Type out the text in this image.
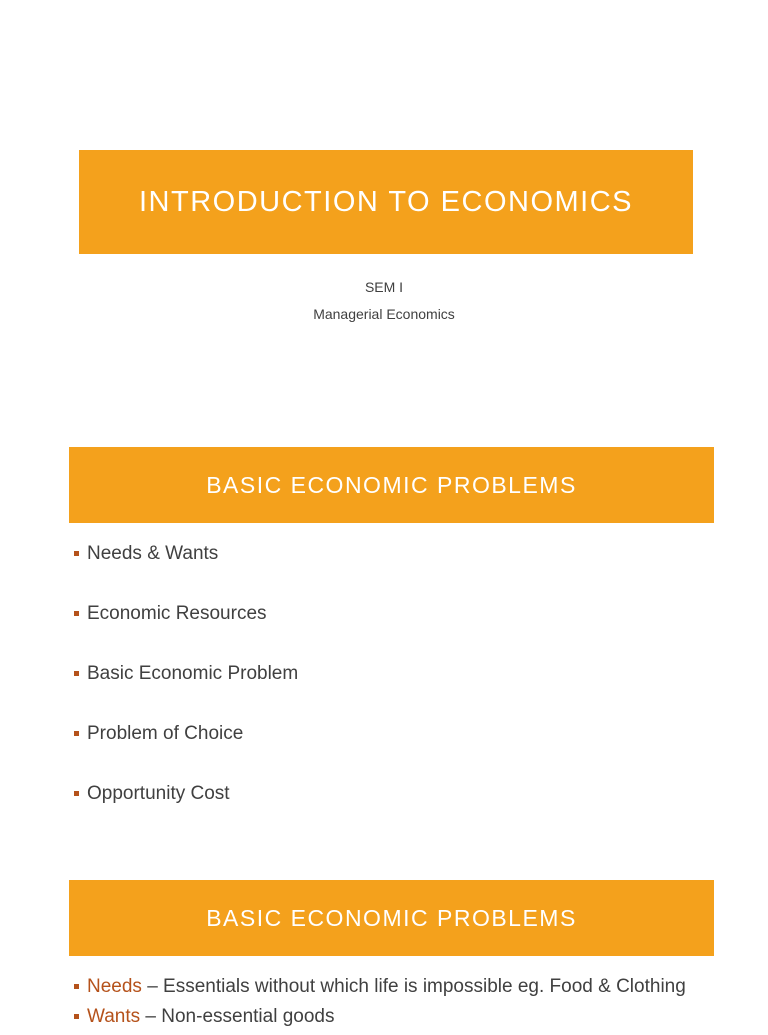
INTRODUCTION TO ECONOMICS
SEM I
Managerial Economics
BASIC ECONOMIC PROBLEMS
Needs & Wants
Economic Resources
Basic Economic Problem
Problem of Choice
Opportunity Cost
BASIC ECONOMIC PROBLEMS
Needs – Essentials without which life is impossible eg. Food & Clothing
Wants – Non-essential goods
